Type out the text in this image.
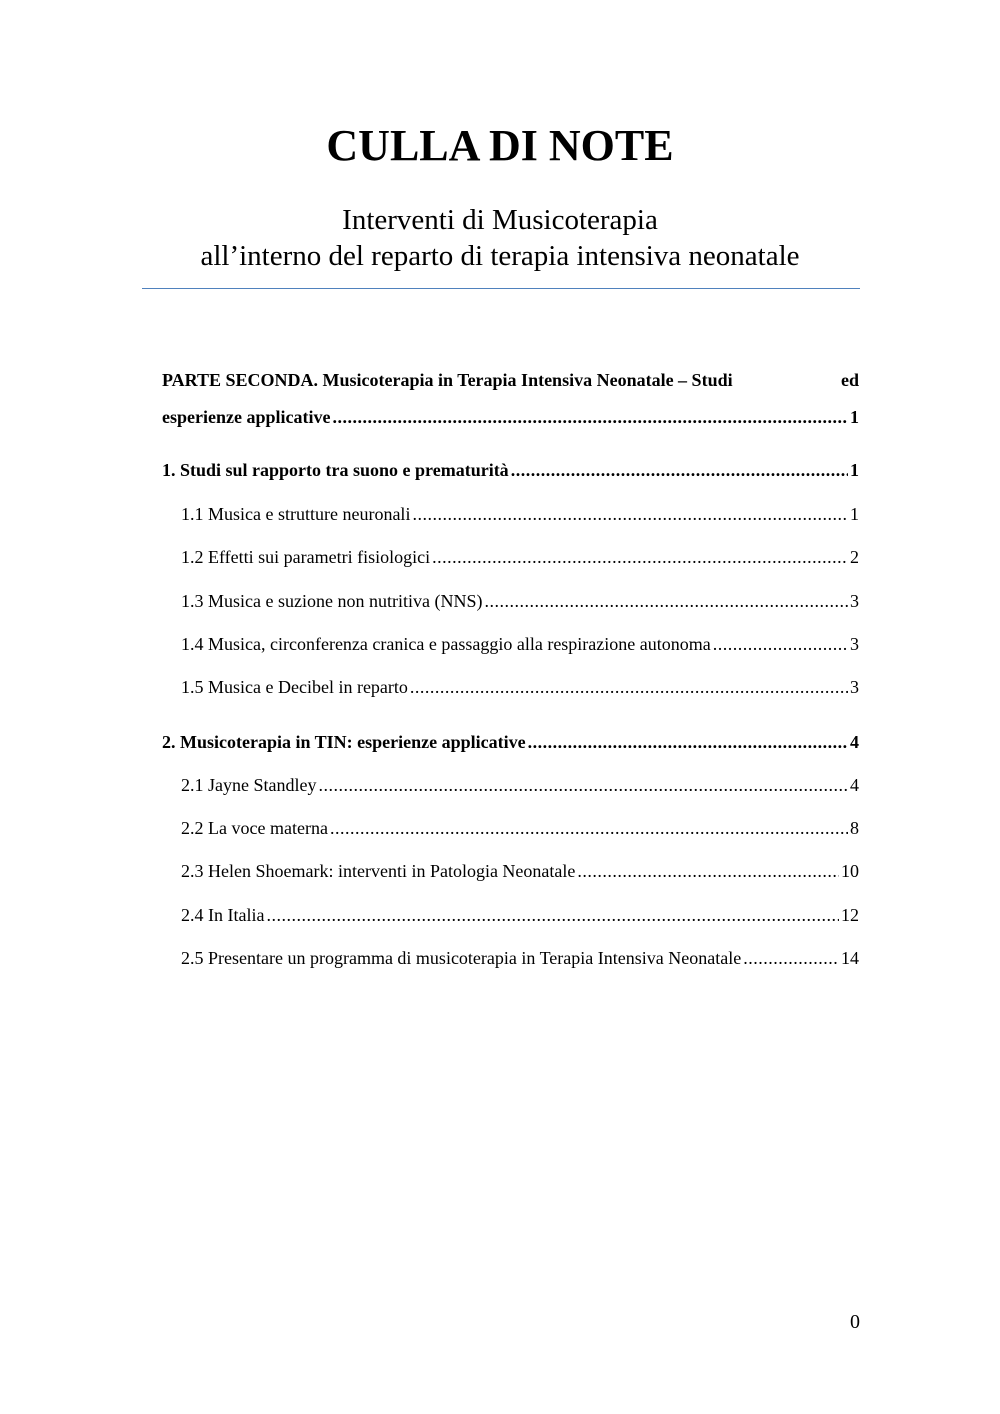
CULLA DI NOTE
Interventi di Musicoterapia
all’interno del reparto di terapia intensiva neonatale
PARTE SECONDA. Musicoterapia in Terapia Intensiva Neonatale – Studi	ed
esperienze applicative .....	1
1. Studi sul rapporto tra suono e prematurità .....	1
1.1 Musica e strutture neuronali .....	1
1.2 Effetti sui parametri fisiologici .....	2
1.3 Musica e suzione non nutritiva (NNS) .....	3
1.4 Musica, circonferenza cranica e passaggio alla respirazione autonoma .....	3
1.5 Musica e Decibel in reparto .....	3
2. Musicoterapia in TIN: esperienze applicative .....	4
2.1 Jayne Standley .....	4
2.2 La voce materna .....	8
2.3 Helen Shoemark: interventi in Patologia Neonatale .....	10
2.4 In Italia .....	12
2.5 Presentare un programma di musicoterapia in Terapia Intensiva Neonatale .....	14
0
